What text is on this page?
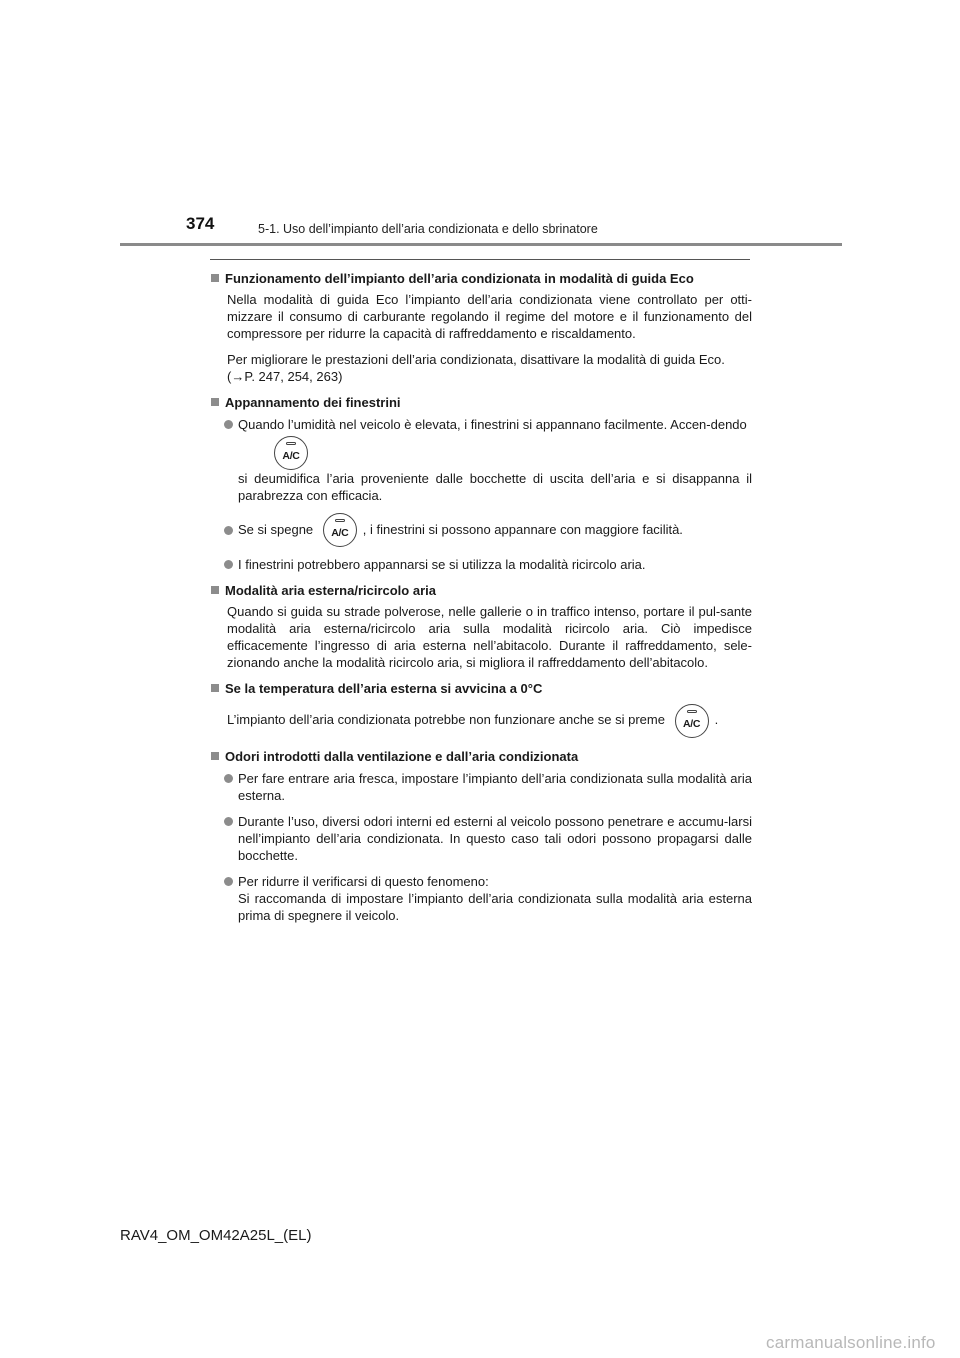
374	5-1. Uso dell’impianto dell’aria condizionata e dello sbrinatore
Funzionamento dell’impianto dell’aria condizionata in modalità di guida Eco
Nella modalità di guida Eco l’impianto dell’aria condizionata viene controllato per otti-mizzare il consumo di carburante regolando il regime del motore e il funzionamento del compressore per ridurre la capacità di raffreddamento e riscaldamento.
Per migliorare le prestazioni dell’aria condizionata, disattivare la modalità di guida Eco.
(→P. 247, 254, 263)
Appannamento dei finestrini
Quando l’umidità nel veicolo è elevata, i finestrini si appannano facilmente. Accen-dendo
A/C
si deumidifica l’aria proveniente dalle bocchette di uscita dell’aria e si disappanna il parabrezza con efficacia.
Se si spegne	A/C	, i finestrini si possono appannare con maggiore facilità.
I finestrini potrebbero appannarsi se si utilizza la modalità ricircolo aria.
Modalità aria esterna/ricircolo aria
Quando si guida su strade polverose, nelle gallerie o in traffico intenso, portare il pul-sante modalità aria esterna/ricircolo aria sulla modalità ricircolo aria. Ciò impedisce efficacemente l’ingresso di aria esterna nell’abitacolo. Durante il raffreddamento, sele-zionando anche la modalità ricircolo aria, si migliora il raffreddamento dell’abitacolo.
Se la temperatura dell’aria esterna si avvicina a 0°C
L’impianto dell’aria condizionata potrebbe non funzionare anche se si preme	A/C	.
Odori introdotti dalla ventilazione e dall’aria condizionata
Per fare entrare aria fresca, impostare l’impianto dell’aria condizionata sulla modalità aria esterna.
Durante l’uso, diversi odori interni ed esterni al veicolo possono penetrare e accumu-larsi nell’impianto dell’aria condizionata. In questo caso tali odori possono propagarsi dalle bocchette.
Per ridurre il verificarsi di questo fenomeno:
Si raccomanda di impostare l’impianto dell’aria condizionata sulla modalità aria esterna prima di spegnere il veicolo.
RAV4_OM_OM42A25L_(EL)
carmanualsonline.info
